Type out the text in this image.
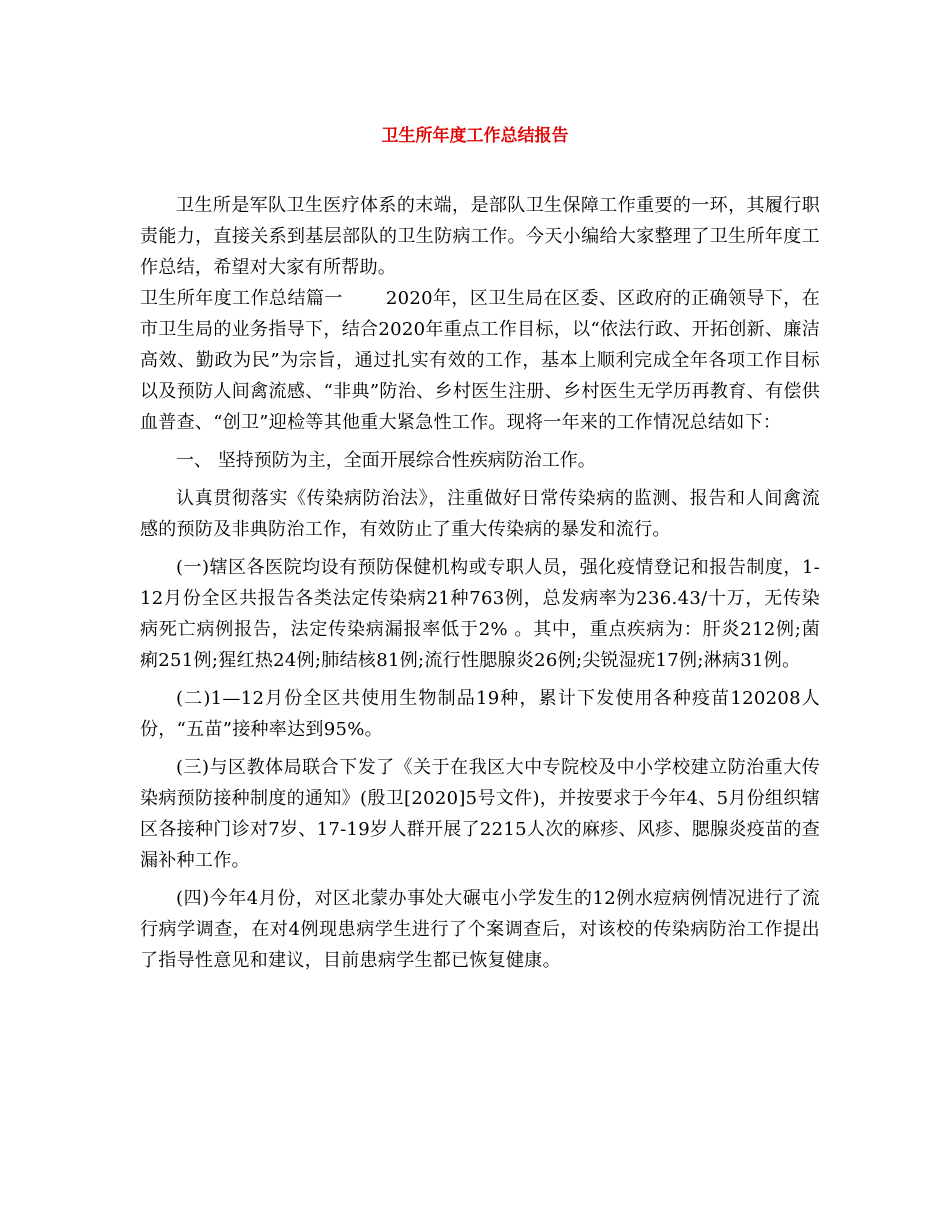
卫生所年度工作总结报告

卫生所是军队卫生医疗体系的末端，是部队卫生保障工作重要的一环，其履行职责能力，直接关系到基层部队的卫生防病工作。今天小编给大家整理了卫生所年度工作总结，希望对大家有所帮助。

卫生所年度工作总结篇一　　 2020年，区卫生局在区委、区政府的正确领导下，在市卫生局的业务指导下，结合2020年重点工作目标，以“依法行政、开拓创新、廉洁高效、勤政为民”为宗旨，通过扎实有效的工作，基本上顺利完成全年各项工作目标以及预防人间禽流感、“非典”防治、乡村医生注册、乡村医生无学历再教育、有偿供血普查、“创卫”迎检等其他重大紧急性工作。现将一年来的工作情况总结如下：

一、 坚持预防为主，全面开展综合性疾病防治工作。

认真贯彻落实《传染病防治法》，注重做好日常传染病的监测、报告和人间禽流感的预防及非典防治工作，有效防止了重大传染病的暴发和流行。

(一)辖区各医院均设有预防保健机构或专职人员，强化疫情登记和报告制度，1-12月份全区共报告各类法定传染病21种763例，总发病率为236.43/十万，无传染病死亡病例报告，法定传染病漏报率低于2% 。其中，重点疾病为：肝炎212例;菌痢251例;猩红热24例;肺结核81例;流行性腮腺炎26例;尖锐湿疣17例;淋病31例。

(二)1—12月份全区共使用生物制品19种，累计下发使用各种疫苗120208人份，“五苗”接种率达到95%。

(三)与区教体局联合下发了《关于在我区大中专院校及中小学校建立防治重大传染病预防接种制度的通知》(殷卫[2020]5号文件)，并按要求于今年4、5月份组织辖区各接种门诊对7岁、17-19岁人群开展了2215人次的麻疹、风疹、腮腺炎疫苗的查漏补种工作。

(四)今年4月份，对区北蒙办事处大碾屯小学发生的12例水痘病例情况进行了流行病学调查，在对4例现患病学生进行了个案调查后，对该校的传染病防治工作提出了指导性意见和建议，目前患病学生都已恢复健康。
